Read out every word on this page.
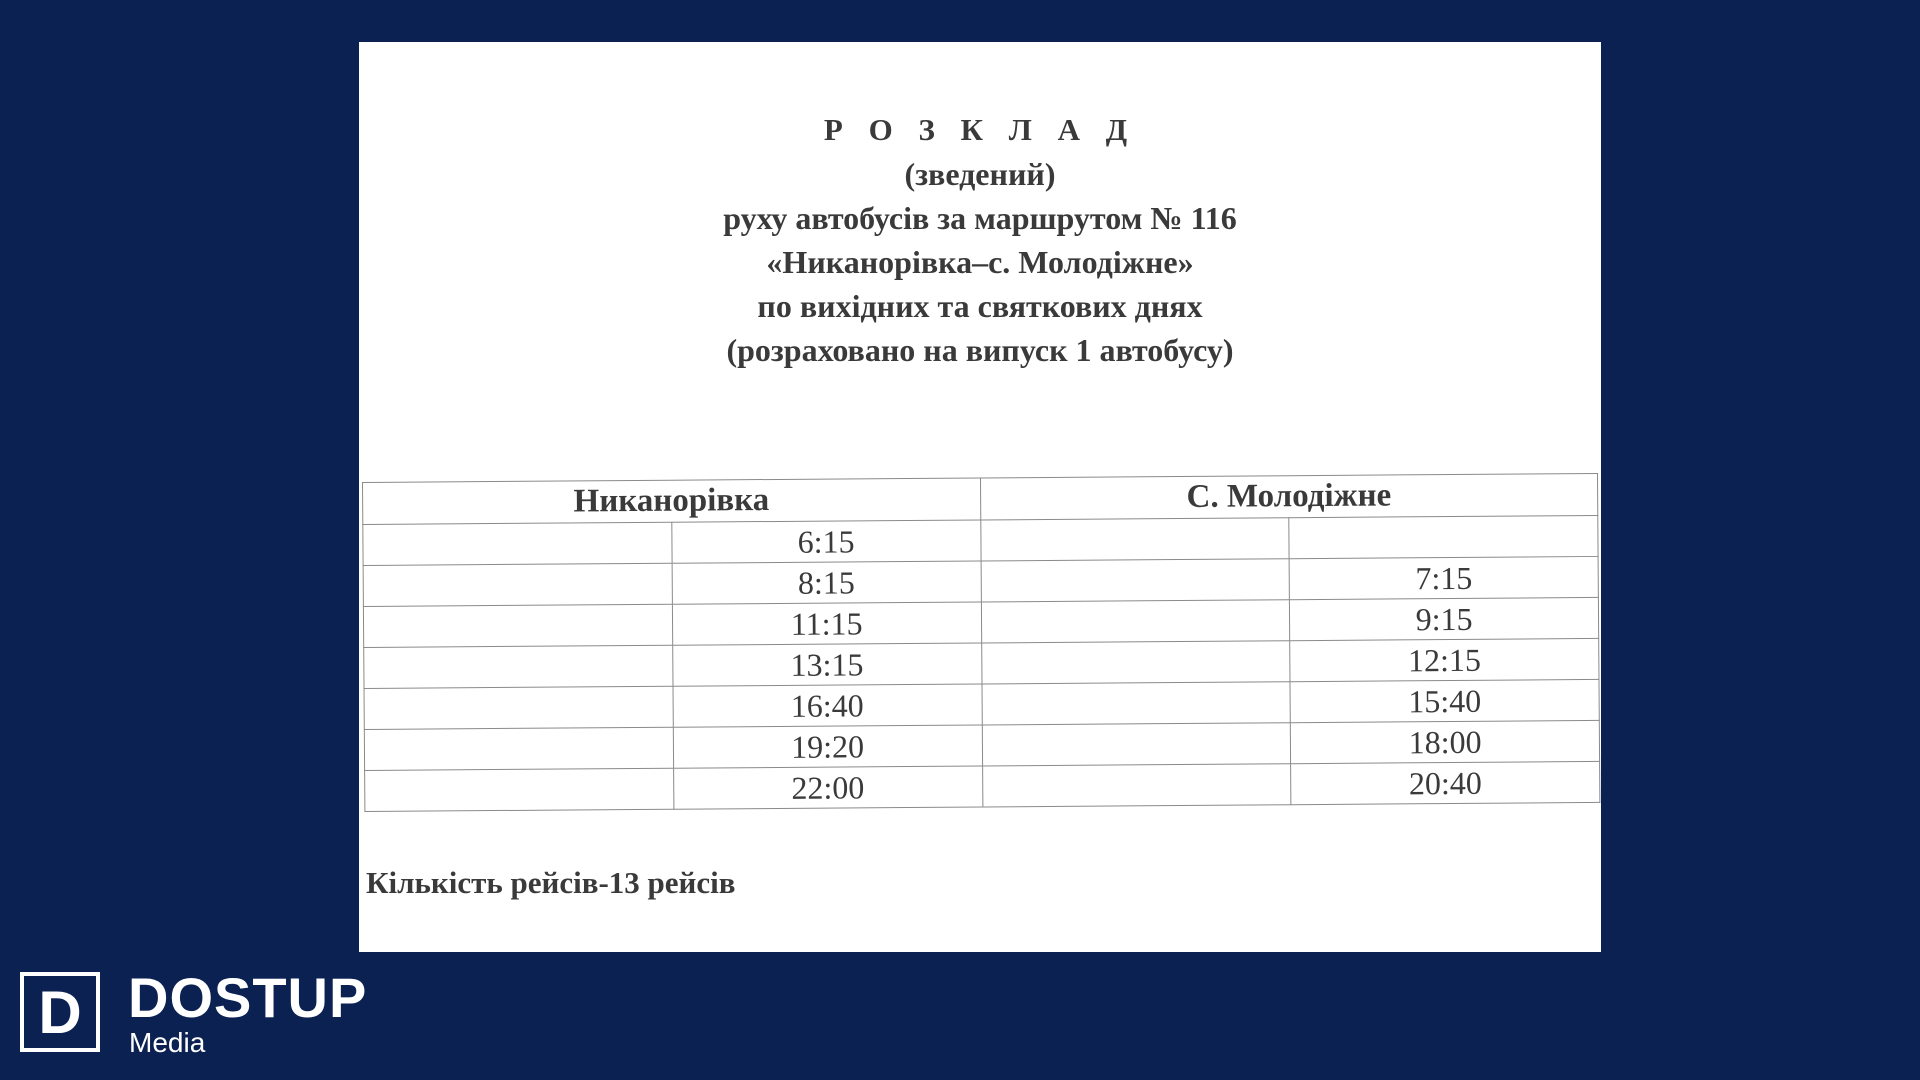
Р О З К Л А Д
(зведений)
руху автобусів за маршрутом № 116
«Никанорівка–с. Молодіжне»
по вихідних та святкових днях
(розраховано на випуск 1 автобусу)
Никанорівка		С. Молодіжне	
	6:15		
	8:15		7:15
	11:15		9:15
	13:15		12:15
	16:40		15:40
	19:20		18:00
	22:00		20:40
Кількість рейсів-13 рейсів
D DOSTUP
Media
